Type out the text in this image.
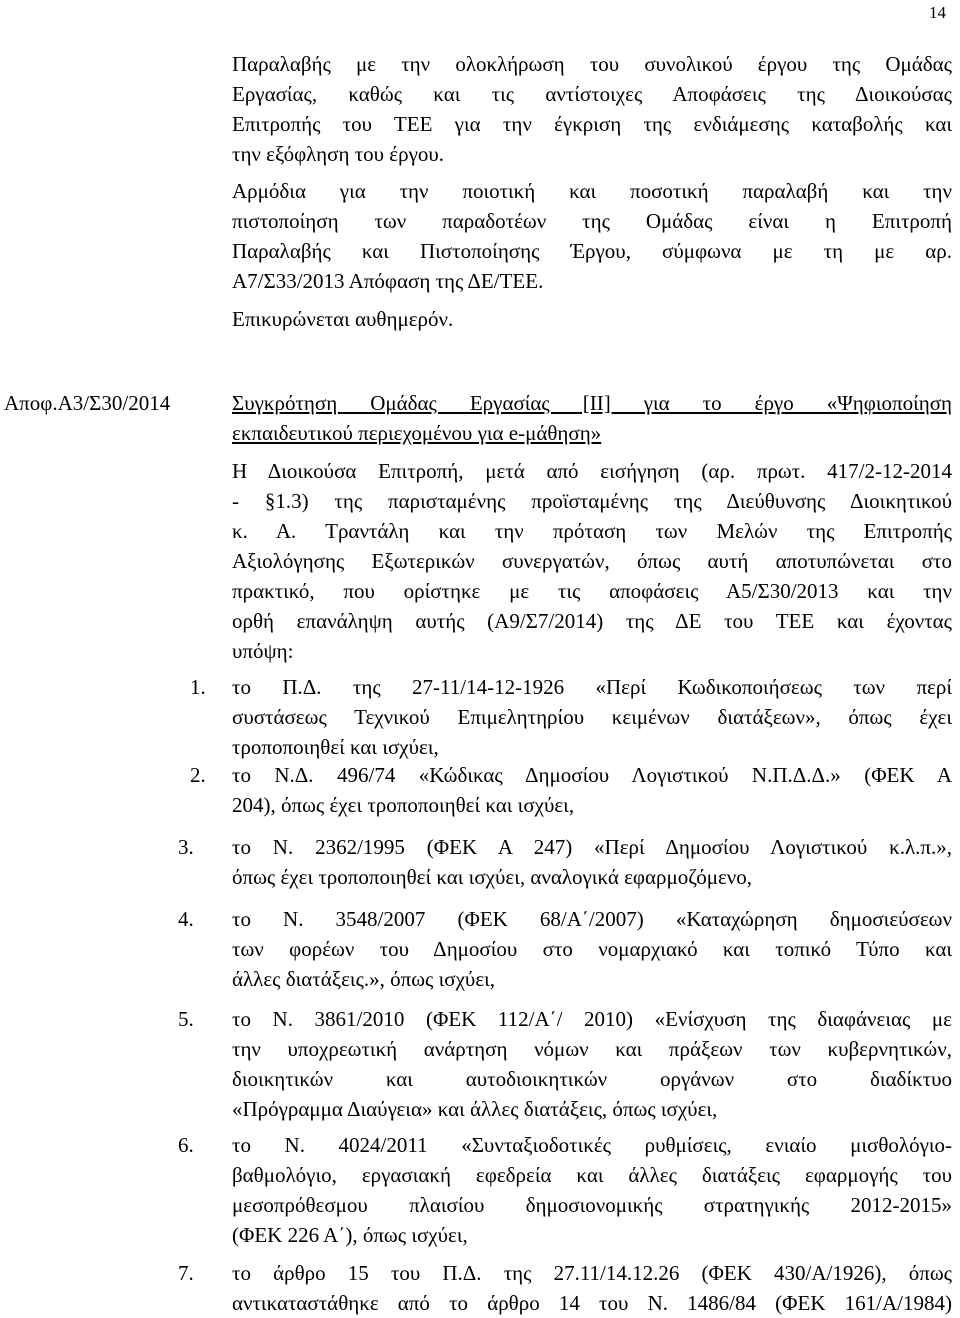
14
Παραλαβής με την ολοκλήρωση του συνολικού έργου της Ομάδας
Εργασίας, καθώς και τις αντίστοιχες Αποφάσεις της Διοικούσας
Επιτροπής του ΤΕΕ για την έγκριση της ενδιάμεσης καταβολής και
την εξόφληση του έργου.
Αρμόδια για την ποιοτική και ποσοτική παραλαβή και την
πιστοποίηση των παραδοτέων της Ομάδας είναι η Επιτροπή
Παραλαβής και Πιστοποίησης Έργου, σύμφωνα με τη με αρ.
Α7/Σ33/2013 Απόφαση της ΔΕ/ΤΕΕ.
Επικυρώνεται αυθημερόν.
Αποφ.Α3/Σ30/2014	Συγκρότηση Ομάδας Εργασίας [ΙΙ] για το έργο «Ψηφιοποίηση
εκπαιδευτικού περιεχομένου για e-μάθηση»
Η Διοικούσα Επιτροπή, μετά από εισήγηση (αρ. πρωτ. 417/2-12-2014
- §1.3) της παρισταμένης προϊσταμένης της Διεύθυνσης Διοικητικού
κ. Α. Τραντάλη και την πρόταση των Μελών της Επιτροπής
Αξιολόγησης Εξωτερικών συνεργατών, όπως αυτή αποτυπώνεται στο
πρακτικό, που ορίστηκε με τις αποφάσεις Α5/Σ30/2013 και την
ορθή επανάληψη αυτής (Α9/Σ7/2014) της ΔΕ του ΤΕΕ και έχοντας
υπόψη:
1. το Π.Δ. της 27-11/14-12-1926 «Περί Κωδικοποιήσεως των περί
συστάσεως Τεχνικού Επιμελητηρίου κειμένων διατάξεων», όπως έχει
τροποποιηθεί και ισχύει,
2. το Ν.Δ. 496/74 «Κώδικας Δημοσίου Λογιστικού Ν.Π.Δ.Δ.» (ΦΕΚ Α
204), όπως έχει τροποποιηθεί και ισχύει,
3. το Ν. 2362/1995 (ΦΕΚ Α 247) «Περί Δημοσίου Λογιστικού κ.λ.π.»,
όπως έχει τροποποιηθεί και ισχύει, αναλογικά εφαρμοζόμενο,
4. το Ν. 3548/2007 (ΦΕΚ 68/Α΄/2007) «Καταχώρηση δημοσιεύσεων
των φορέων του Δημοσίου στο νομαρχιακό και τοπικό Τύπο και
άλλες διατάξεις.», όπως ισχύει,
5. το Ν. 3861/2010 (ΦΕΚ 112/Α΄/ 2010) «Ενίσχυση της διαφάνειας με
την υποχρεωτική ανάρτηση νόμων και πράξεων των κυβερνητικών,
διοικητικών και αυτοδιοικητικών οργάνων στο διαδίκτυο
«Πρόγραμμα Διαύγεια» και άλλες διατάξεις, όπως ισχύει,
6. το Ν. 4024/2011 «Συνταξιοδοτικές ρυθμίσεις, ενιαίο μισθολόγιο-
βαθμολόγιο, εργασιακή εφεδρεία και άλλες διατάξεις εφαρμογής του
μεσοπρόθεσμου πλαισίου δημοσιονομικής στρατηγικής 2012-2015»
(ΦΕΚ 226 Α΄), όπως ισχύει,
7. το άρθρο 15 του Π.Δ. της 27.11/14.12.26 (ΦΕΚ 430/Α/1926), όπως
αντικαταστάθηκε από το άρθρο 14 του Ν. 1486/84 (ΦΕΚ 161/Α/1984)
